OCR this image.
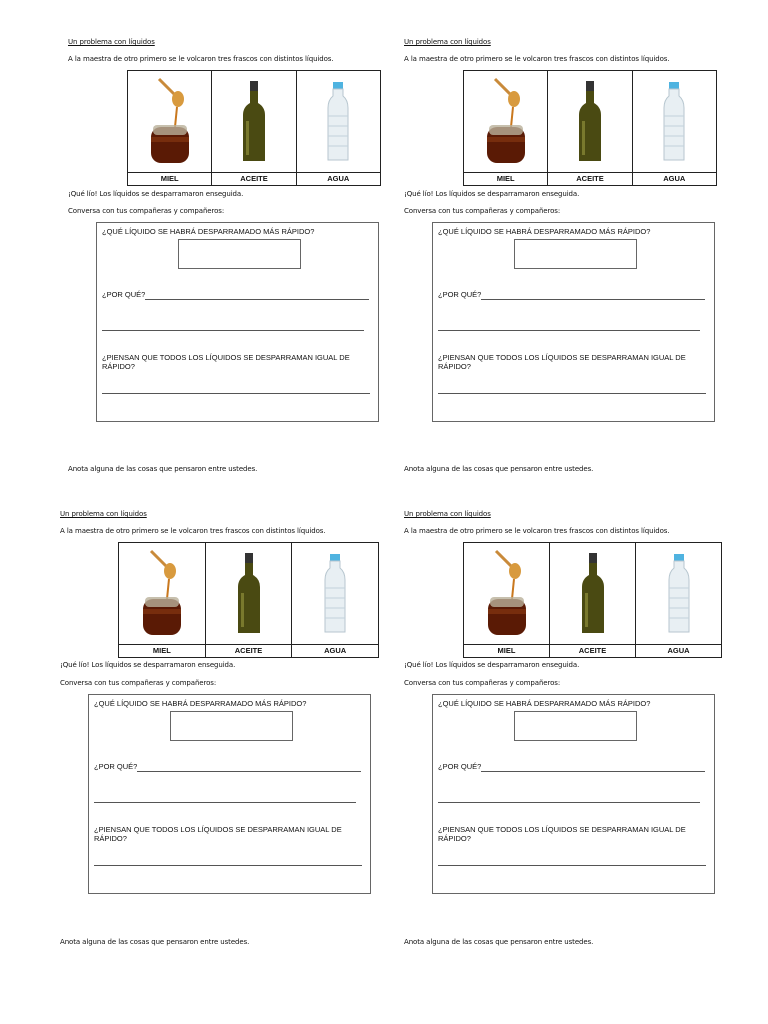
Un problema con líquidos
A la maestra de otro primero se le volcaron tres frascos con distintos líquidos.
MIEL	ACEITE	AGUA
¡Qué lío! Los líquidos se desparramaron enseguida.
Conversa con tus compañeras y compañeros:
¿QUÉ LÍQUIDO SE HABRÁ DESPARRAMADO MÁS RÁPIDO?
¿POR QUÉ?
¿PIENSAN QUE TODOS LOS LÍQUIDOS SE DESPARRAMAN IGUAL DE RÁPIDO?
Anota alguna de las cosas que pensaron entre ustedes.
Un problema con líquidos
A la maestra de otro primero se le volcaron tres frascos con distintos líquidos.
MIEL	ACEITE	AGUA
¡Qué lío! Los líquidos se desparramaron enseguida.
Conversa con tus compañeras y compañeros:
¿QUÉ LÍQUIDO SE HABRÁ DESPARRAMADO MÁS RÁPIDO?
¿POR QUÉ?
¿PIENSAN QUE TODOS LOS LÍQUIDOS SE DESPARRAMAN IGUAL DE RÁPIDO?
Anota alguna de las cosas que pensaron entre ustedes.
Un problema con líquidos
A la maestra de otro primero se le volcaron tres frascos con distintos líquidos.
MIEL	ACEITE	AGUA
¡Qué lío! Los líquidos se desparramaron enseguida.
Conversa con tus compañeras y compañeros:
¿QUÉ LÍQUIDO SE HABRÁ DESPARRAMADO MÁS RÁPIDO?
¿POR QUÉ?
¿PIENSAN QUE TODOS LOS LÍQUIDOS SE DESPARRAMAN IGUAL DE RÁPIDO?
Anota alguna de las cosas que pensaron entre ustedes.
Un problema con líquidos
A la maestra de otro primero se le volcaron tres frascos con distintos líquidos.
MIEL	ACEITE	AGUA
¡Qué lío! Los líquidos se desparramaron enseguida.
Conversa con tus compañeras y compañeros:
¿QUÉ LÍQUIDO SE HABRÁ DESPARRAMADO MÁS RÁPIDO?
¿POR QUÉ?
¿PIENSAN QUE TODOS LOS LÍQUIDOS SE DESPARRAMAN IGUAL DE RÁPIDO?
Anota alguna de las cosas que pensaron entre ustedes.
